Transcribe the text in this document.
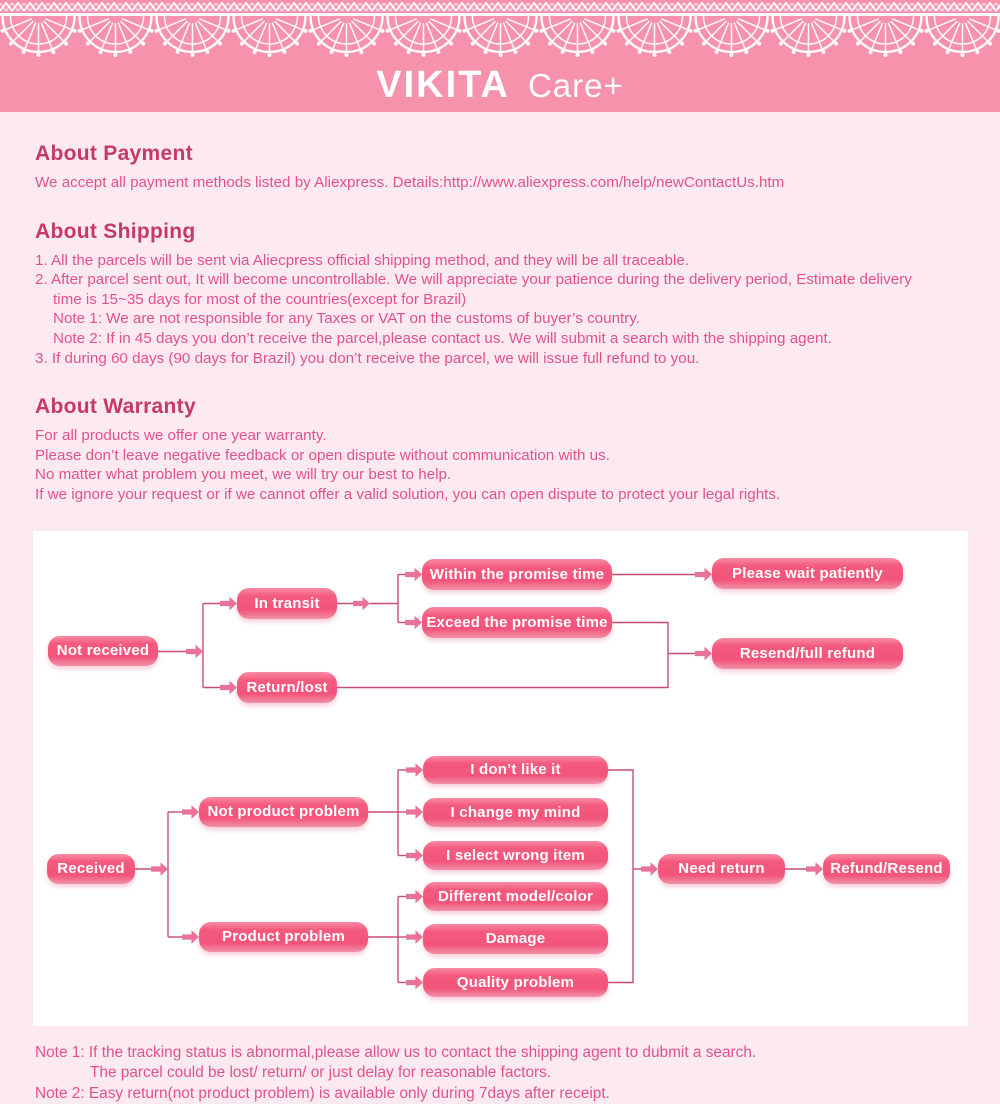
VIKITA Care+
About Payment
We accept all payment methods listed by Aliexpress. Details:http://www.aliexpress.com/help/newContactUs.htm
About Shipping
1. All the parcels will be sent via Aliecpress official shipping method, and they will be all traceable.
2. After parcel sent out, It will become uncontrollable. We will appreciate your patience during the delivery period, Estimate delivery
time is 15~35 days for most of the countries(except for Brazil)
Note 1: We are not responsible for any Taxes or VAT on the customs of buyer’s country.
Note 2: If in 45 days you don’t receive the parcel,please contact us. We will submit a search with the shipping agent.
3. If during 60 days (90 days for Brazil) you don’t receive the parcel, we will issue full refund to you.
About Warranty
For all products we offer one year warranty.
Please don’t leave negative feedback or open dispute without communication with us.
No matter what problem you meet, we will try our best to help.
If we ignore your request or if we cannot offer a valid solution, you can open dispute to protect your legal rights.
Not received
In transit
Return/lost
Within the promise time
Exceed the promise time
Please wait patiently
Resend/full refund
Received
Not product problem
Product problem
I don’t like it
I change my mind
I select wrong item
Different model/color
Damage
Quality problem
Need return	Refund/Resend
Note 1: If the tracking status is abnormal,please allow us to contact the shipping agent to dubmit a search.
The parcel could be lost/ return/ or just delay for reasonable factors.
Note 2: Easy return(not product problem) is available only during 7days after receipt.
